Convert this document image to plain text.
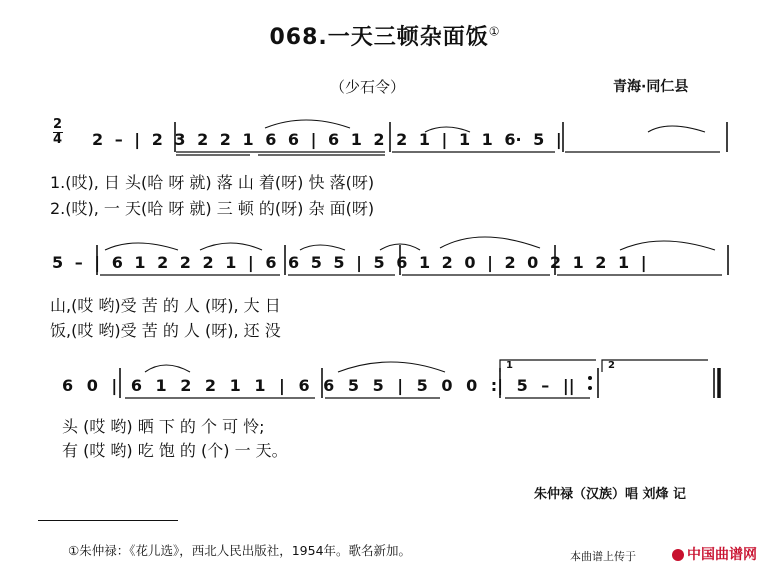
068.一天三顿杂面饭①
（少石令）	青海·同仁县
2
4 2 – | 2 3 2 2 1 6 6 | 6 1 2 2 1 | 1 1 6· 5 |
1.(哎), 日 头(哈 呀 就) 落 山 着(呀) 快 落(呀)
2.(哎), 一 天(哈 呀 就) 三 顿 的(呀) 杂 面(呀)
5 – | 6 1 2 2 2 1 | 6 6 5 5 | 5 6 1 2 0 | 2 0 2 1 2 1 |
山,(哎 哟)受 苦 的 人 (呀), 大 日
饭,(哎 哟)受 苦 的 人 (呀), 还 没
6 0 | 6 1 2 2 1 1 | 6 6 5 5 | 5 0 0 :| 5 – ||
1	2
头 (哎 哟) 晒 下 的 个 可 怜;
有 (哎 哟) 吃 饱 的 (个) 一 天。
朱仲禄（汉族）唱 刘烽 记
①朱仲禄：《花儿选》，西北人民出版社，1954年。歌名新加。	本曲谱上传于	中国曲谱网
